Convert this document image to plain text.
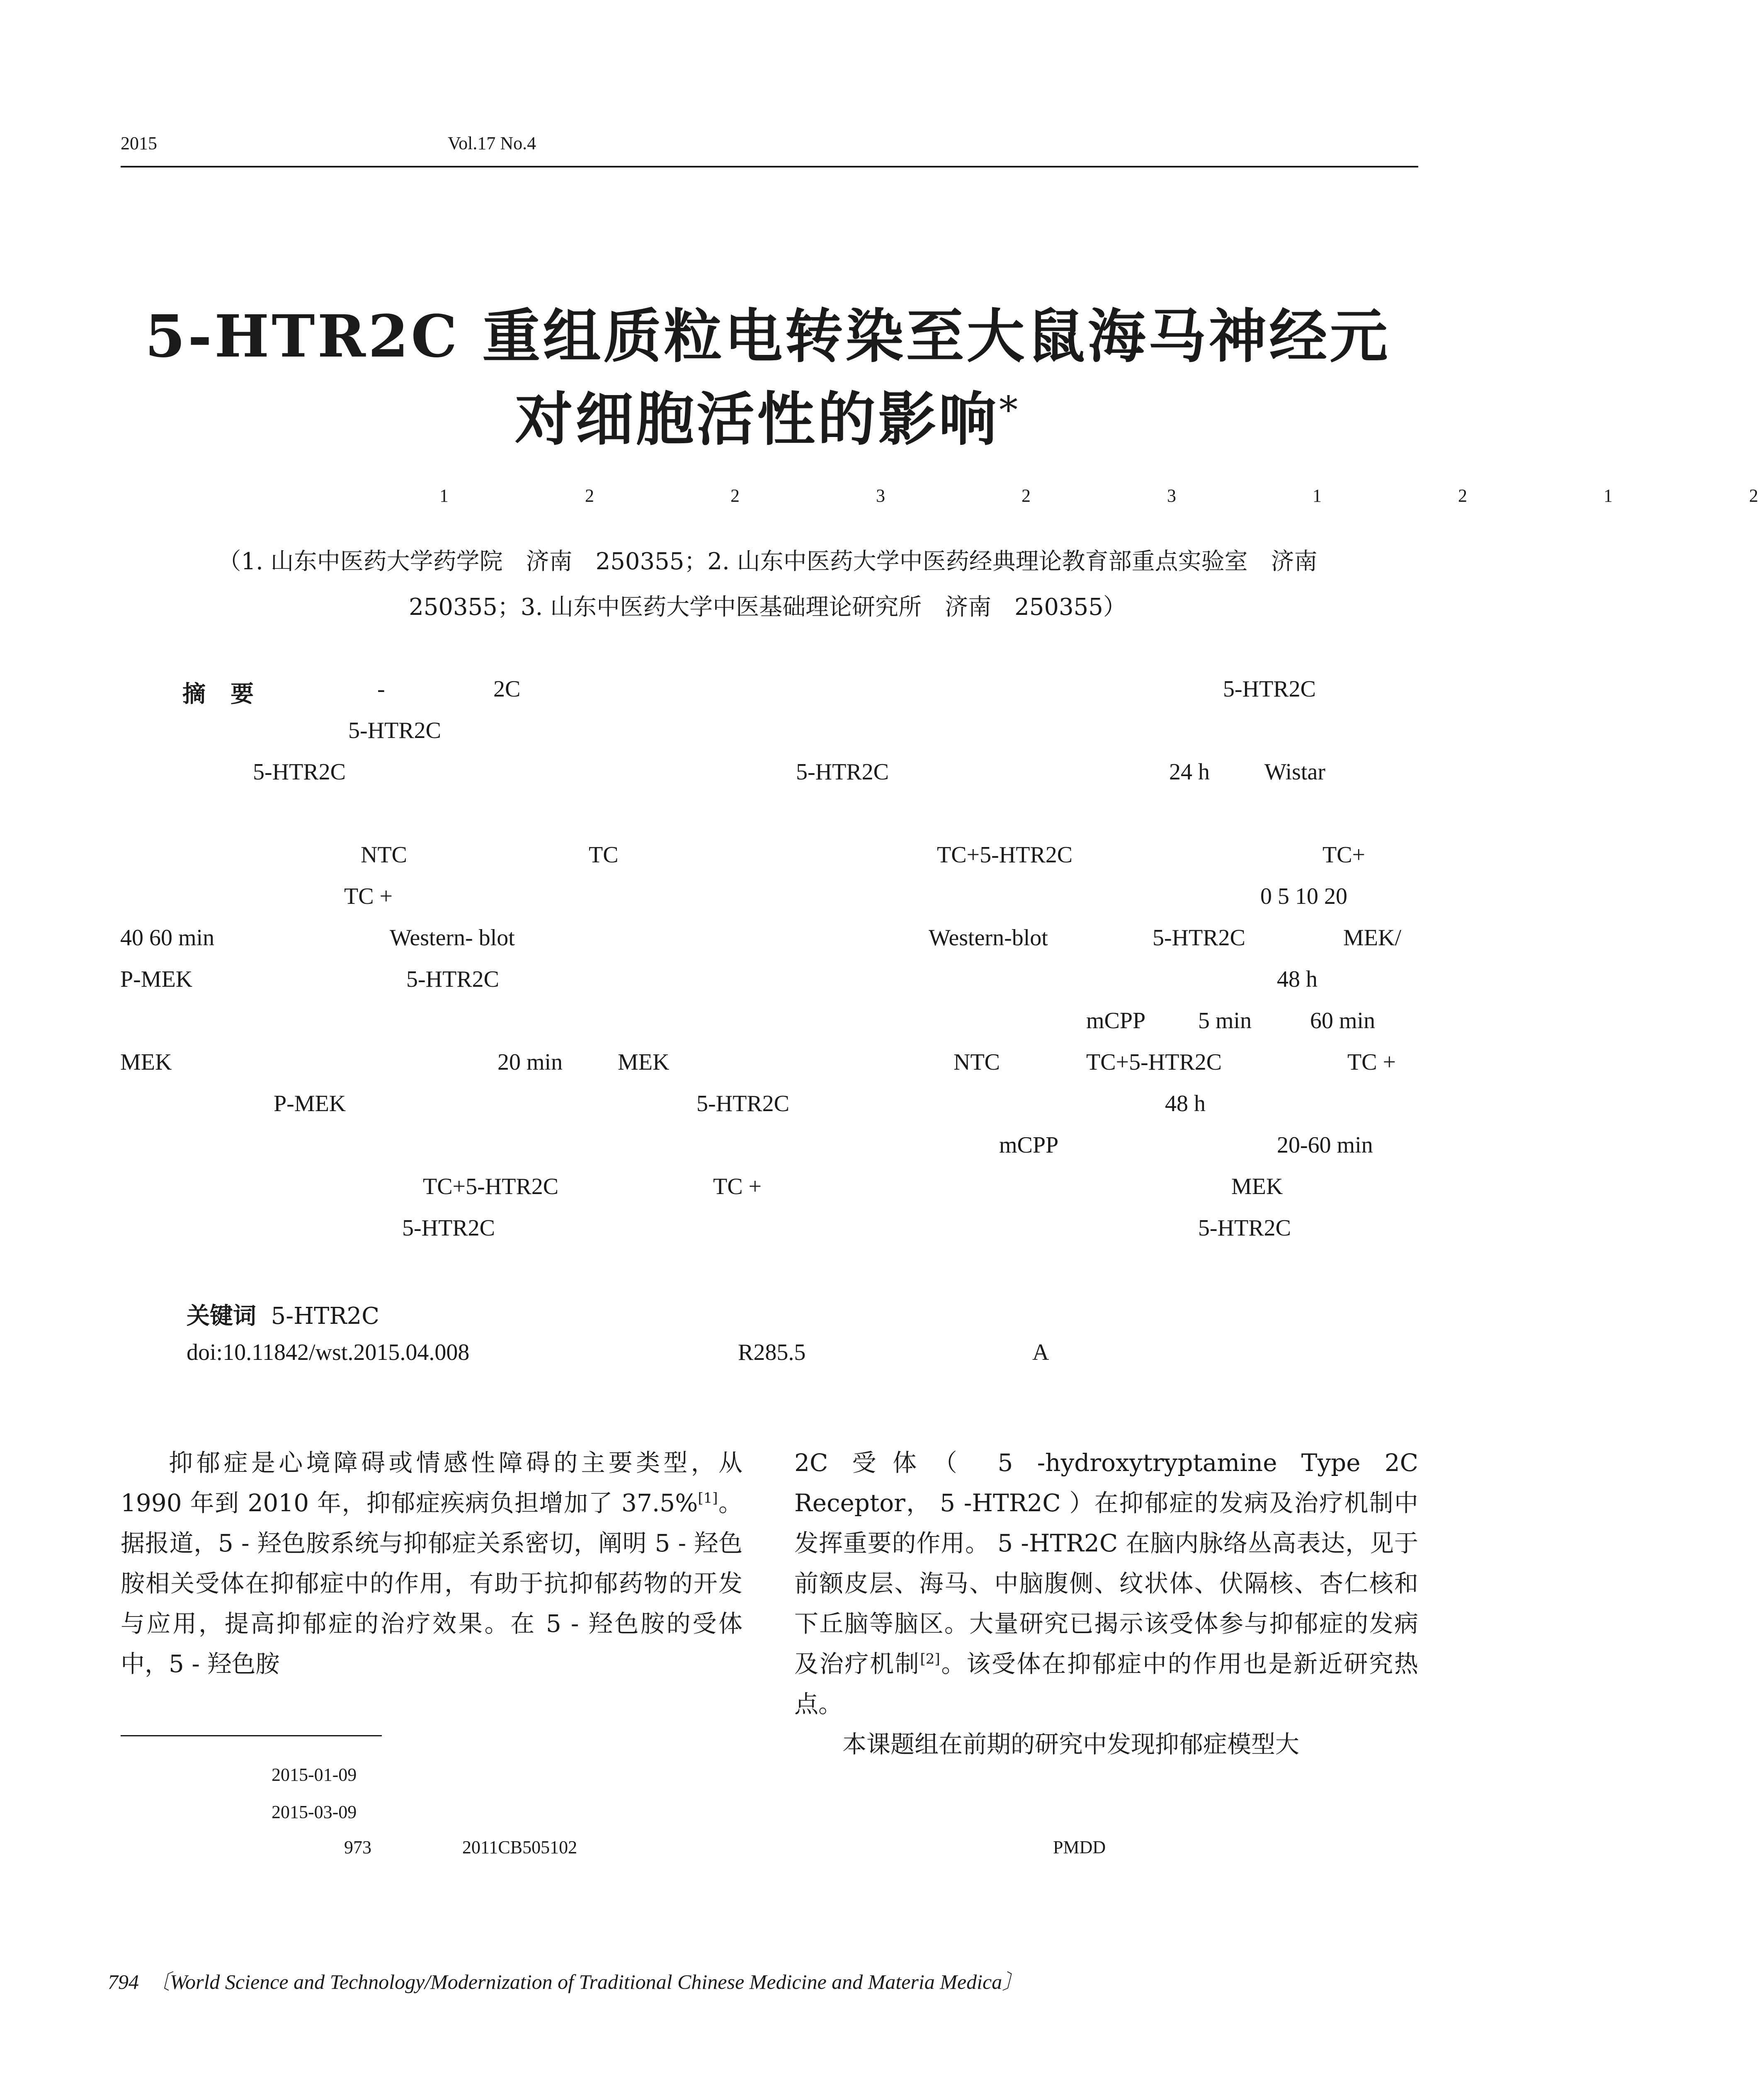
2015	Vol.17 No.4
5-HTR2C 重组质粒电转染至大鼠海马神经元
对细胞活性的影响*
1 2	2 3	2 3	1 2	1 2
（1. 山东中医药大学药学院　济南　250355；2. 山东中医药大学中医药经典理论教育部重点实验室　济南
250355；3. 山东中医药大学中医基础理论研究所　济南　250355）
摘要	-	2C	5-HTR2C
5-HTR2C
5-HTR2C	5-HTR2C	24 h Wistar
NTC	TC	TC+5-HTR2C	TC+
TC +	0 5 10 20
40 60 min	Western- blot	Western-blot	5-HTR2C	MEK/
P-MEK	5-HTR2C	48 h
mCPP 5 min	60 min
MEK	20 min MEK	NTC	TC+5-HTR2C	TC +
P-MEK	5-HTR2C	48 h
mCPP	20-60 min
TC+5-HTR2C	TC +	MEK
5-HTR2C	5-HTR2C
关键词 5-HTR2C
doi:10.11842/wst.2015.04.008	R285.5	A

抑郁症是心境障碍或情感性障碍的主要类型，从 1990 年到 2010 年，抑郁症疾病负担增加了 37.5%[1]。据报道，5 - 羟色胺系统与抑郁症关系密切，阐明 5 - 羟色胺相关受体在抑郁症中的作用，有助于抗抑郁药物的开发与应用，提高抑郁症的治疗效果。在 5 - 羟色胺的受体中，5 - 羟色胺

2C 受体（ 5 -hydroxytryptamine Type 2C Receptor， 5 -HTR2C ）在抑郁症的发病及治疗机制中发挥重要的作用。 5 -HTR2C 在脑内脉络丛高表达，见于前额皮层、海马、中脑腹侧、纹状体、伏隔核、杏仁核和下丘脑等脑区。大量研究已揭示该受体参与抑郁症的发病及治疗机制[2]。该受体在抑郁症中的作用也是新近研究热点。

本课题组在前期的研究中发现抑郁症模型大

2015-01-09
2015-03-09
973	2011CB505102	PMDD
794 〔World Science and Technology/Modernization of Traditional Chinese Medicine and Materia Medica〕
